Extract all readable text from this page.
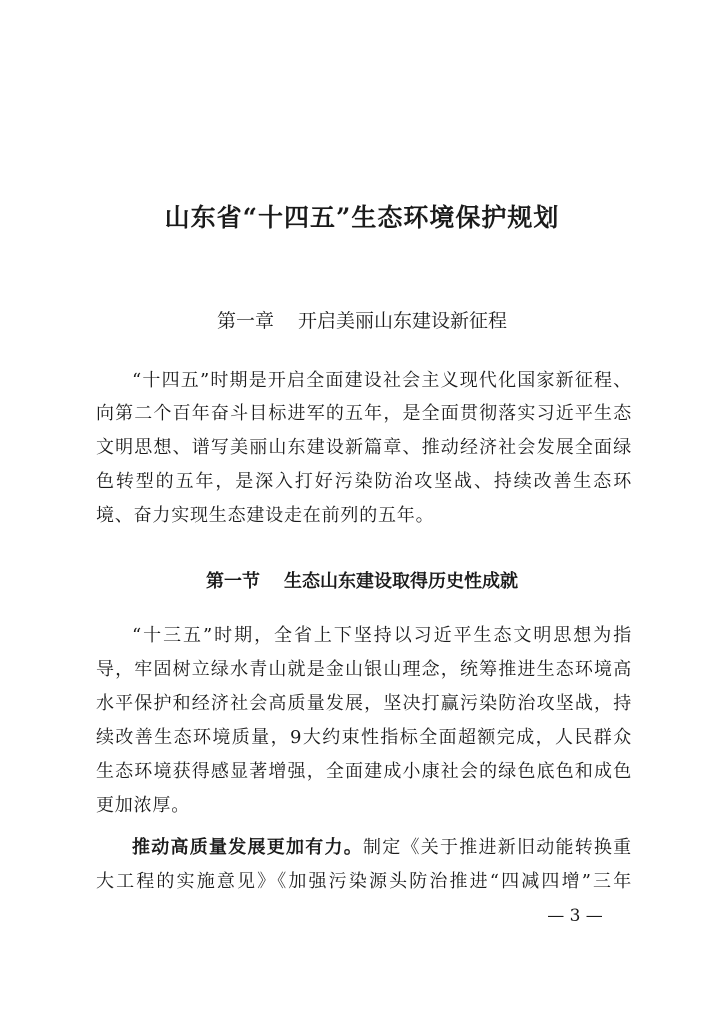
山东省“十四五”生态环境保护规划
第一章 开启美丽山东建设新征程

“十四五”时期是开启全面建设社会主义现代化国家新征程、

向第二个百年奋斗目标进军的五年，是全面贯彻落实习近平生态

文明思想、谱写美丽山东建设新篇章、推动经济社会发展全面绿

色转型的五年，是深入打好污染防治攻坚战、持续改善生态环

境、奋力实现生态建设走在前列的五年。

第一节 生态山东建设取得历史性成就

“十三五”时期，全省上下坚持以习近平生态文明思想为指

导，牢固树立绿水青山就是金山银山理念，统筹推进生态环境高

水平保护和经济社会高质量发展，坚决打赢污染防治攻坚战，持

续改善生态环境质量，9大约束性指标全面超额完成，人民群众

生态环境获得感显著增强，全面建成小康社会的绿色底色和成色

更加浓厚。

推动高质量发展更加有力。制定《关于推进新旧动能转换重

大工程的实施意见》《加强污染源头防治推进“四减四增”三年

— 3 —
